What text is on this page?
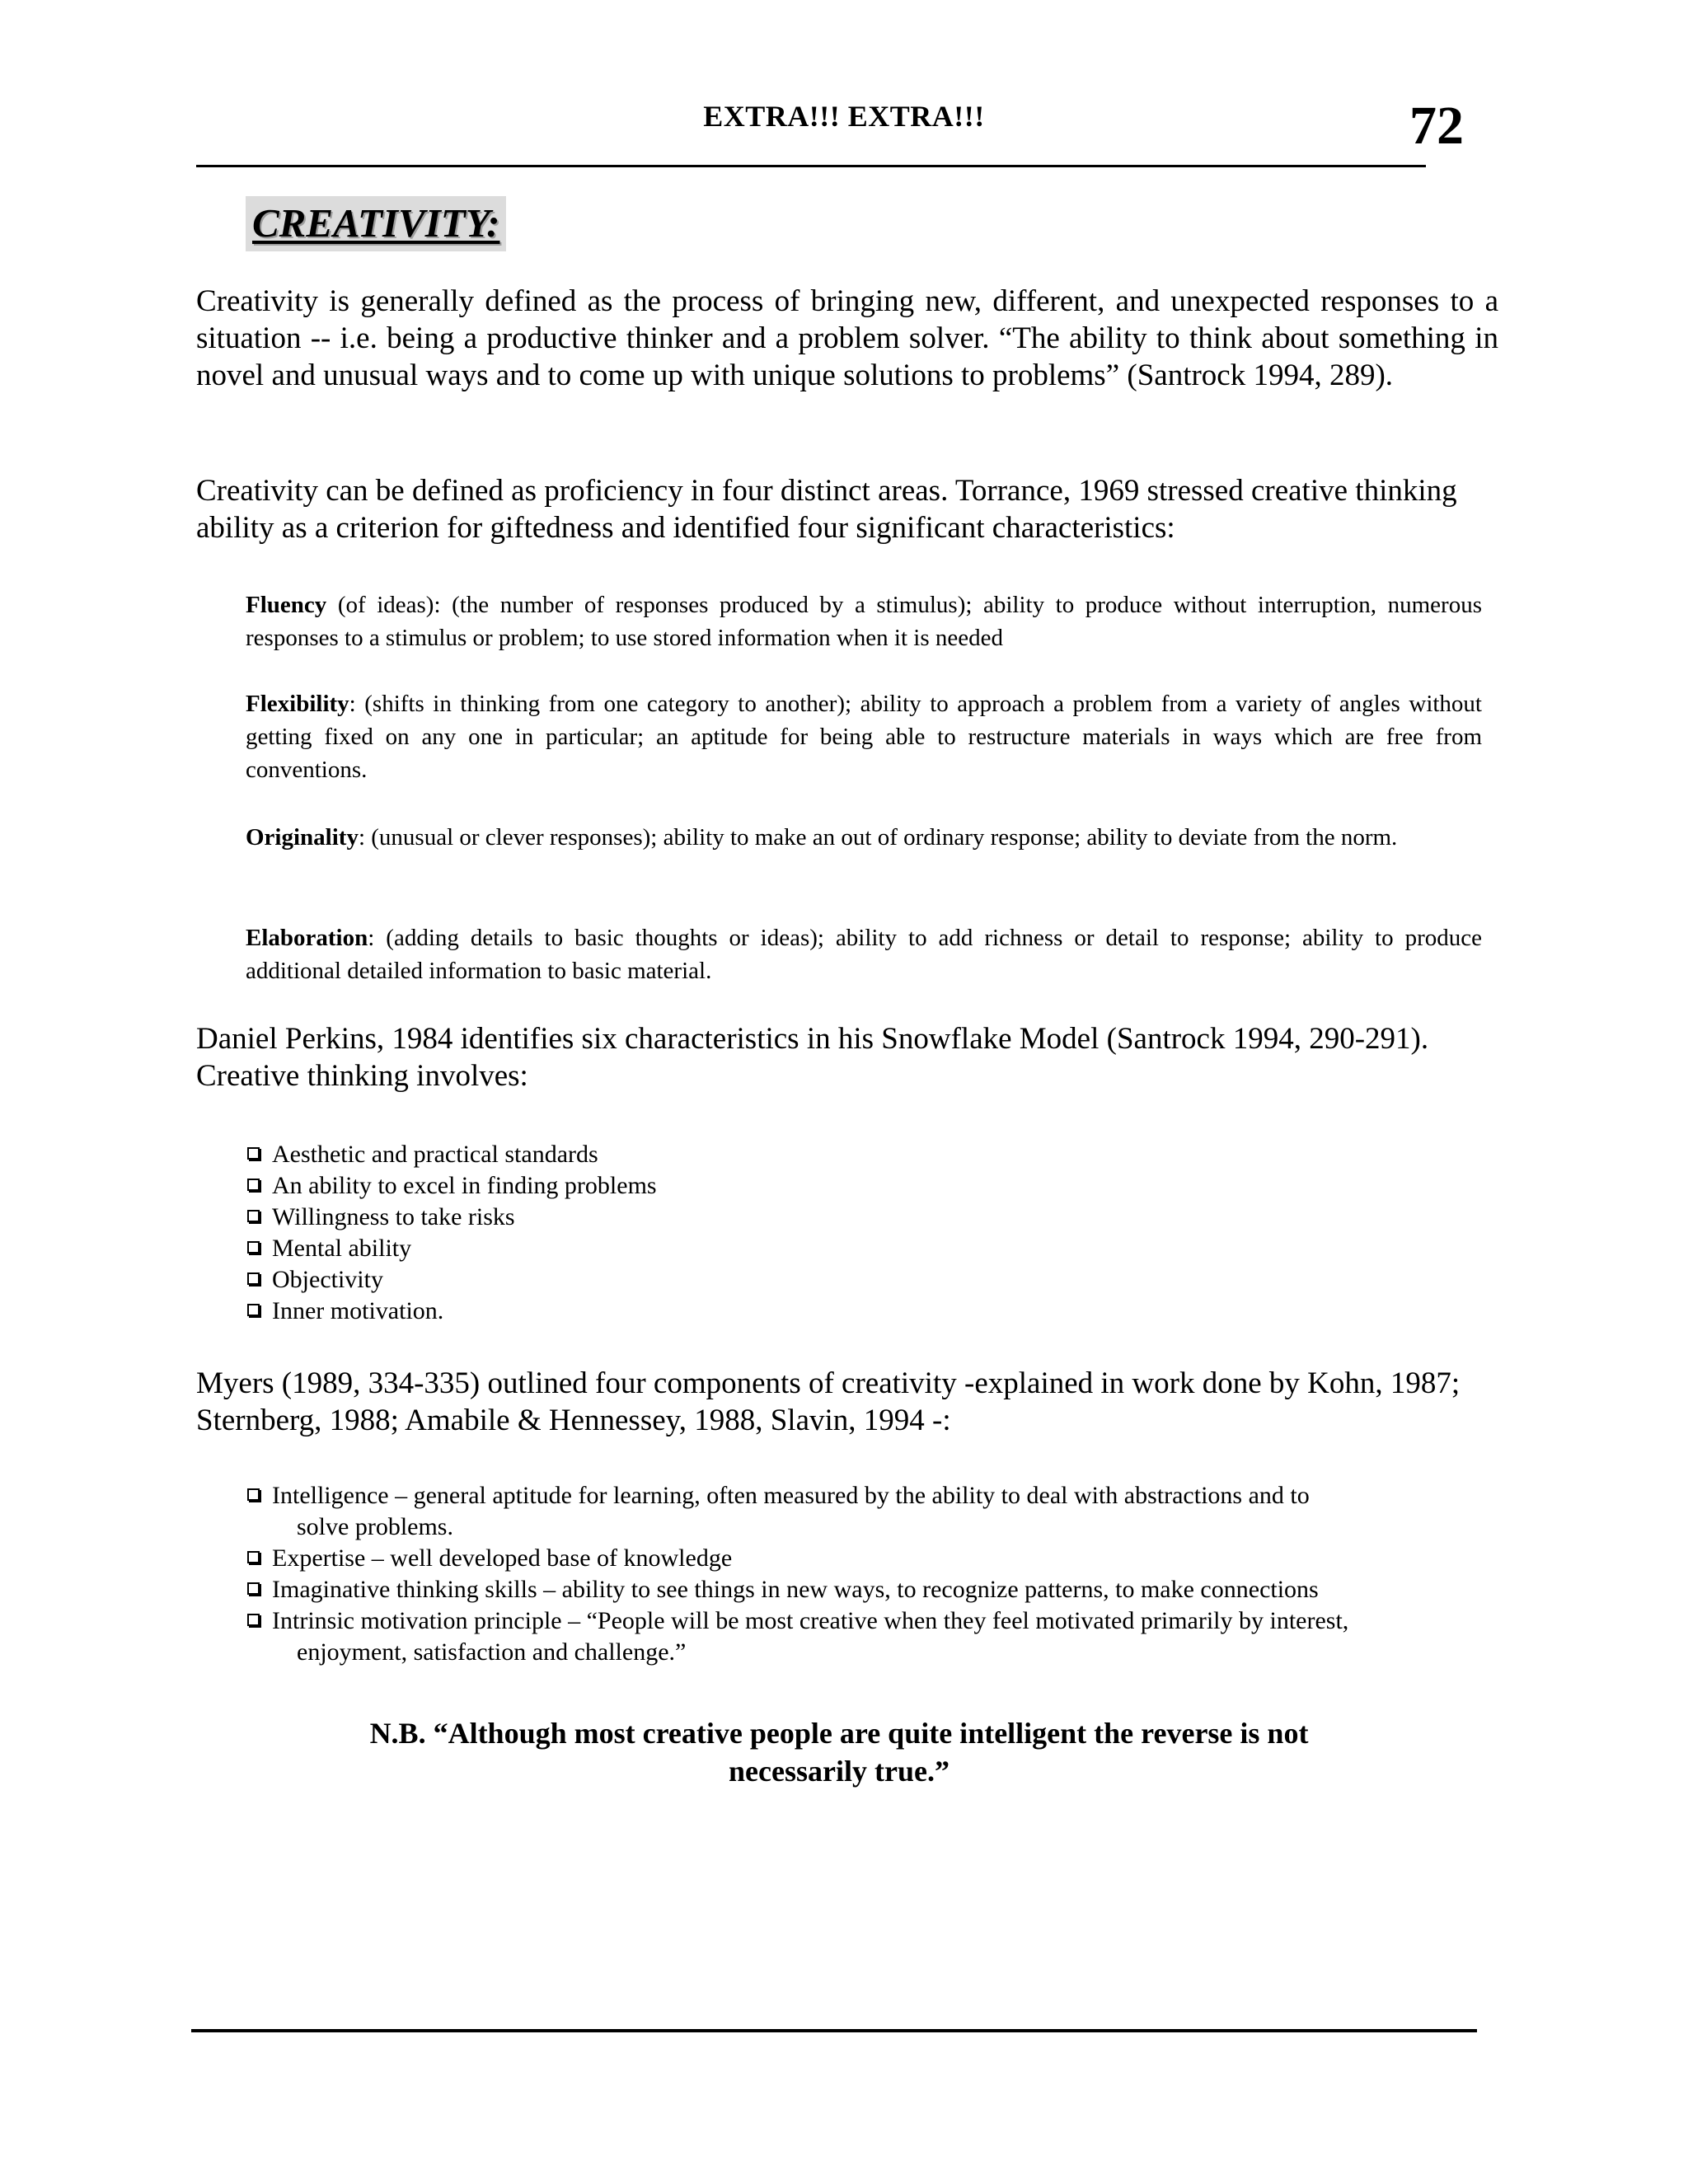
EXTRA!!! EXTRA!!!	72
CREATIVITY:

Creativity is generally defined as the process of bringing new, different, and unexpected responses to a situation -- i.e. being a productive thinker and a problem solver. “The ability to think about something in novel and unusual ways and to come up with unique solutions to problems” (Santrock 1994, 289).

Creativity can be defined as proficiency in four distinct areas. Torrance, 1969 stressed creative thinking ability as a criterion for giftedness and identified four significant characteristics:

Fluency (of ideas): (the number of responses produced by a stimulus); ability to produce without interruption, numerous responses to a stimulus or problem; to use stored information when it is needed

Flexibility: (shifts in thinking from one category to another); ability to approach a problem from a variety of angles without getting fixed on any one in particular; an aptitude for being able to restructure materials in ways which are free from conventions.

Originality: (unusual or clever responses); ability to make an out of ordinary response; ability to deviate from the norm.

Elaboration: (adding details to basic thoughts or ideas); ability to add richness or detail to response; ability to produce additional detailed information to basic material.

Daniel Perkins, 1984 identifies six characteristics in his Snowflake Model (Santrock 1994, 290-291). Creative thinking involves:

Aesthetic and practical standards
An ability to excel in finding problems
Willingness to take risks
Mental ability
Objectivity
Inner motivation.

Myers (1989, 334-335) outlined four components of creativity -explained in work done by Kohn, 1987; Sternberg, 1988; Amabile & Hennessey, 1988, Slavin, 1994 -:

Intelligence – general aptitude for learning, often measured by the ability to deal with abstractions and to
solve problems.
Expertise – well developed base of knowledge
Imaginative thinking skills – ability to see things in new ways, to recognize patterns, to make connections
Intrinsic motivation principle – “People will be most creative when they feel motivated primarily by interest,
enjoyment, satisfaction and challenge.”
N.B. “Although most creative people are quite intelligent the reverse is not
necessarily true.”
